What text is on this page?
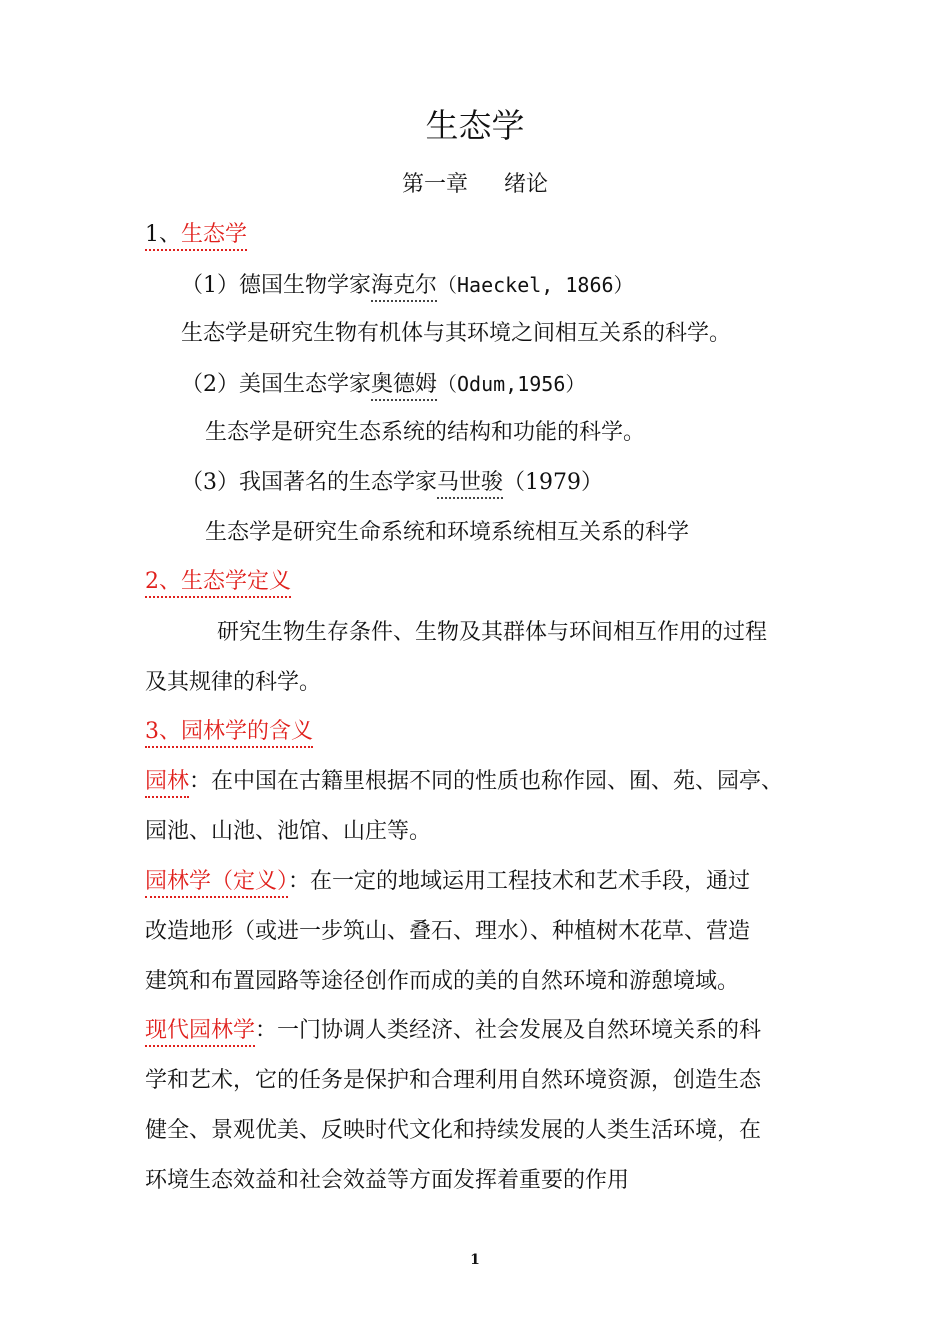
生态学
第一章 绪论
1、生态学
（1）德国生物学家海克尔（Haeckel, 1866）
生态学是研究生物有机体与其环境之间相互关系的科学。
（2）美国生态学家奥德姆（Odum,1956）
生态学是研究生态系统的结构和功能的科学。
（3）我国著名的生态学家马世骏（1979）
生态学是研究生命系统和环境系统相互关系的科学
2、生态学定义
研究生物生存条件、生物及其群体与环间相互作用的过程
及其规律的科学。
3、园林学的含义
园林：在中国在古籍里根据不同的性质也称作园、囿、苑、园亭、
园池、山池、池馆、山庄等。
园林学（定义）：在一定的地域运用工程技术和艺术手段，通过
改造地形（或进一步筑山、叠石、理水）、种植树木花草、营造
建筑和布置园路等途径创作而成的美的自然环境和游憩境域。
现代园林学：一门协调人类经济、社会发展及自然环境关系的科
学和艺术，它的任务是保护和合理利用自然环境资源，创造生态
健全、景观优美、反映时代文化和持续发展的人类生活环境，在
环境生态效益和社会效益等方面发挥着重要的作用
1
